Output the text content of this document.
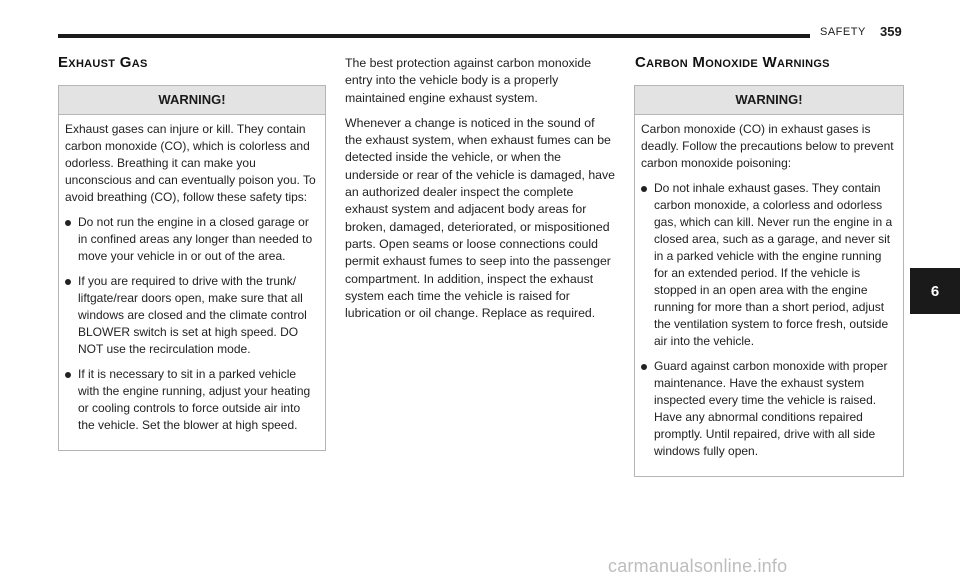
SAFETY 359
Exhaust Gas
WARNING!

Exhaust gases can injure or kill. They contain carbon monoxide (CO), which is colorless and odorless. Breathing it can make you unconscious and can eventually poison you. To avoid breathing (CO), follow these safety tips:

Do not run the engine in a closed garage or in confined areas any longer than needed to move your vehicle in or out of the area.
If you are required to drive with the trunk/ liftgate/rear doors open, make sure that all windows are closed and the climate control BLOWER switch is set at high speed. DO NOT use the recirculation mode.
If it is necessary to sit in a parked vehicle with the engine running, adjust your heating or cooling controls to force outside air into the vehicle. Set the blower at high speed.

The best protection against carbon monoxide entry into the vehicle body is a properly maintained engine exhaust system.

Whenever a change is noticed in the sound of the exhaust system, when exhaust fumes can be detected inside the vehicle, or when the underside or rear of the vehicle is damaged, have an authorized dealer inspect the complete exhaust system and adjacent body areas for broken, damaged, deteriorated, or mispositioned parts. Open seams or loose connections could permit exhaust fumes to seep into the passenger compartment. In addition, inspect the exhaust system each time the vehicle is raised for lubrication or oil change. Replace as required.

Carbon Monoxide Warnings
WARNING!

Carbon monoxide (CO) in exhaust gases is deadly. Follow the precautions below to prevent carbon monoxide poisoning:

Do not inhale exhaust gases. They contain carbon monoxide, a colorless and odorless gas, which can kill. Never run the engine in a closed area, such as a garage, and never sit in a parked vehicle with the engine running for an extended period. If the vehicle is stopped in an open area with the engine running for more than a short period, adjust the ventilation system to force fresh, outside air into the vehicle.
Guard against carbon monoxide with proper maintenance. Have the exhaust system inspected every time the vehicle is raised. Have any abnormal conditions repaired promptly. Until repaired, drive with all side windows fully open.
6
carmanualsonline.info
